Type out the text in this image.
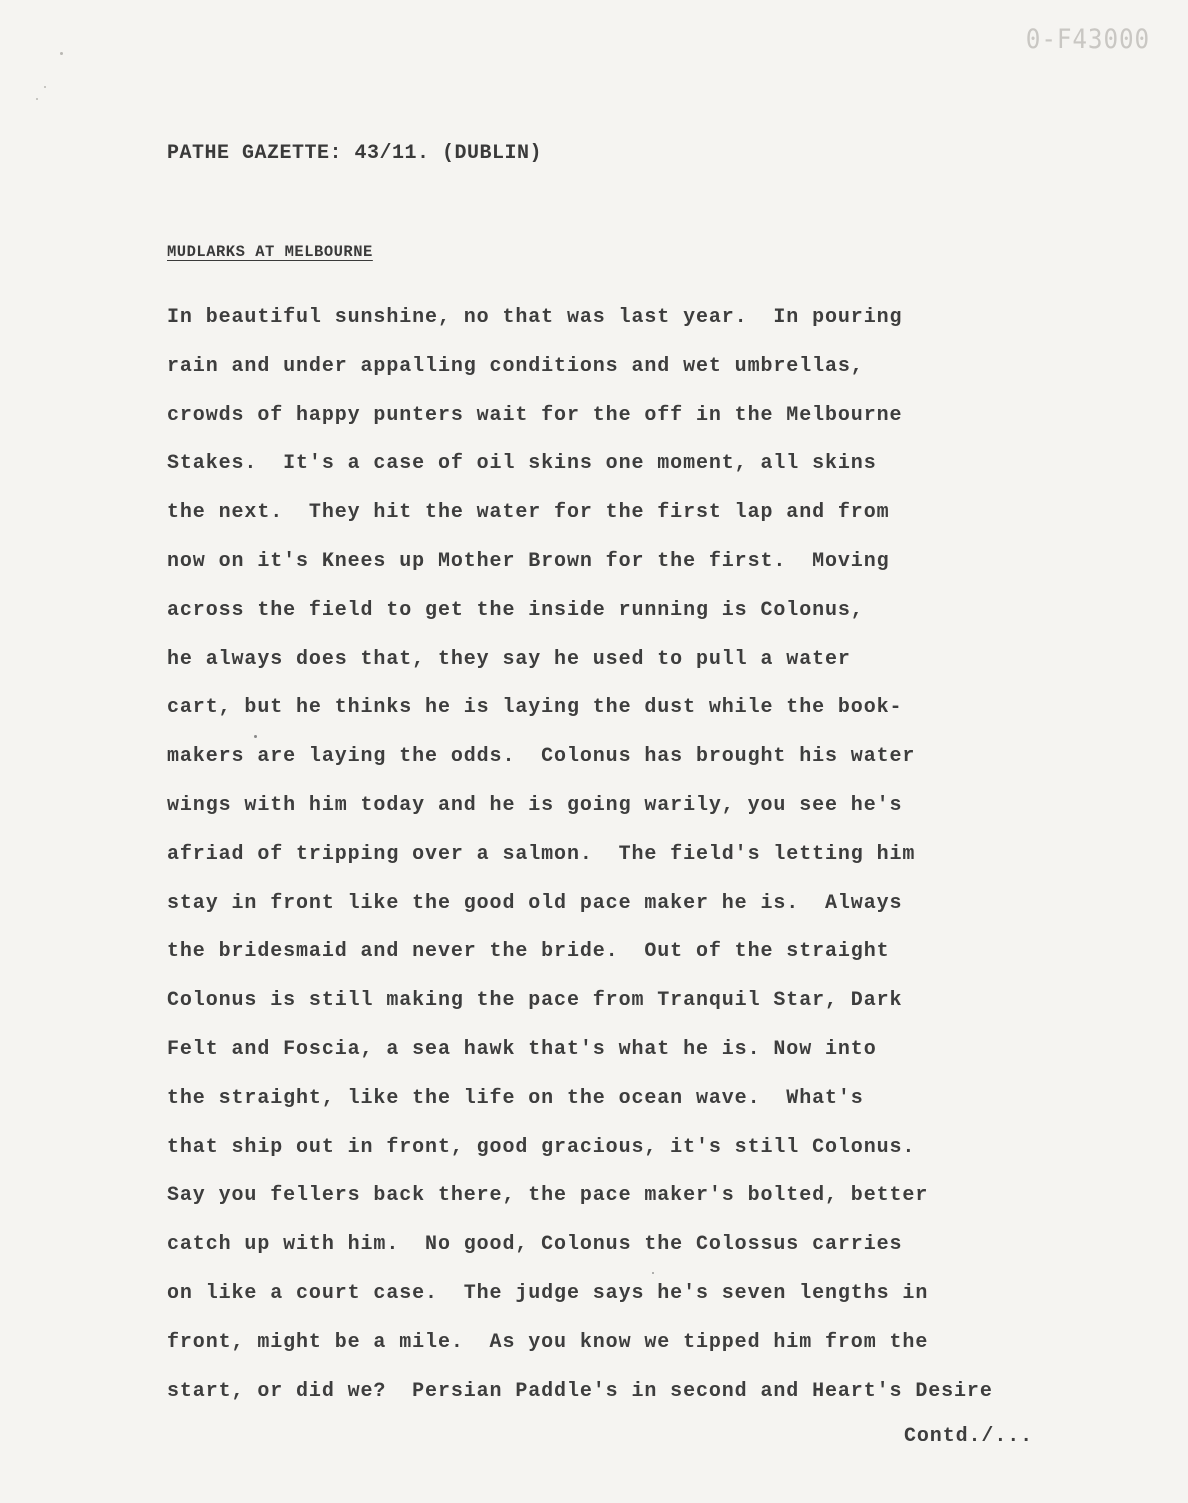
0-F43000
PATHE GAZETTE: 43/11. (DUBLIN)
MUDLARKS AT MELBOURNE
In beautiful sunshine, no that was last year.  In pouring
rain and under appalling conditions and wet umbrellas,
crowds of happy punters wait for the off in the Melbourne
Stakes.  It's a case of oil skins one moment, all skins
the next.  They hit the water for the first lap and from
now on it's Knees up Mother Brown for the first.  Moving
across the field to get the inside running is Colonus,
he always does that, they say he used to pull a water
cart, but he thinks he is laying the dust while the book-
makers are laying the odds.  Colonus has brought his water
wings with him today and he is going warily, you see he's
afriad of tripping over a salmon.  The field's letting him
stay in front like the good old pace maker he is.  Always
the bridesmaid and never the bride.  Out of the straight
Colonus is still making the pace from Tranquil Star, Dark
Felt and Foscia, a sea hawk that's what he is. Now into
the straight, like the life on the ocean wave.  What's
that ship out in front, good gracious, it's still Colonus.
Say you fellers back there, the pace maker's bolted, better
catch up with him.  No good, Colonus the Colossus carries
on like a court case.  The judge says he's seven lengths in
front, might be a mile.  As you know we tipped him from the
start, or did we?  Persian Paddle's in second and Heart's Desire
Contd./...
